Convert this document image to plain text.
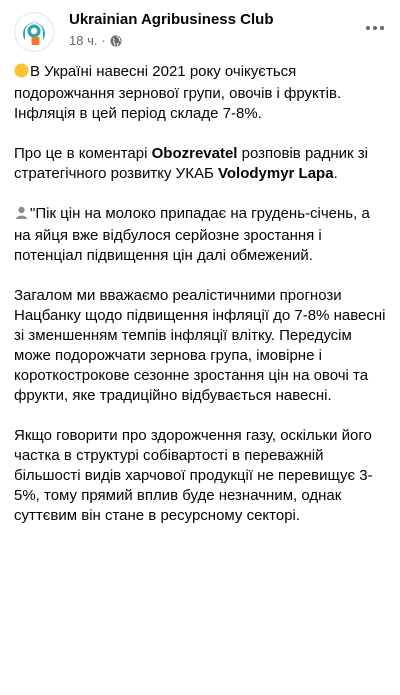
Ukrainian Agribusiness Club
18 ч. ·

В Україні навесні 2021 року очікується подорожчання зернової групи, овочів і фруктів. Інфляція в цей період складе 7-8%.

Про це в коментарі Obozrevatel розповів радник зі стратегічного розвитку УКАБ Volodymyr Lapa.

"Пік цін на молоко припадає на грудень-січень, а на яйця вже відбулося серйозне зростання і потенціал підвищення цін далі обмежений.

Загалом ми вважаємо реалістичними прогнози Нацбанку щодо підвищення інфляції до 7-8% навесні зі зменшенням темпів інфляції влітку. Передусім може подорожчати зернова група, імовірне і короткострокове сезонне зростання цін на овочі та фрукти, яке традиційно відбувається навесні.

Якщо говорити про здорожчення газу, оскільки його частка в структурі собівартості в переважній більшості видів харчової продукції не перевищує 3-5%, тому прямий вплив буде незначним, однак суттєвим він стане в ресурсному секторі.
